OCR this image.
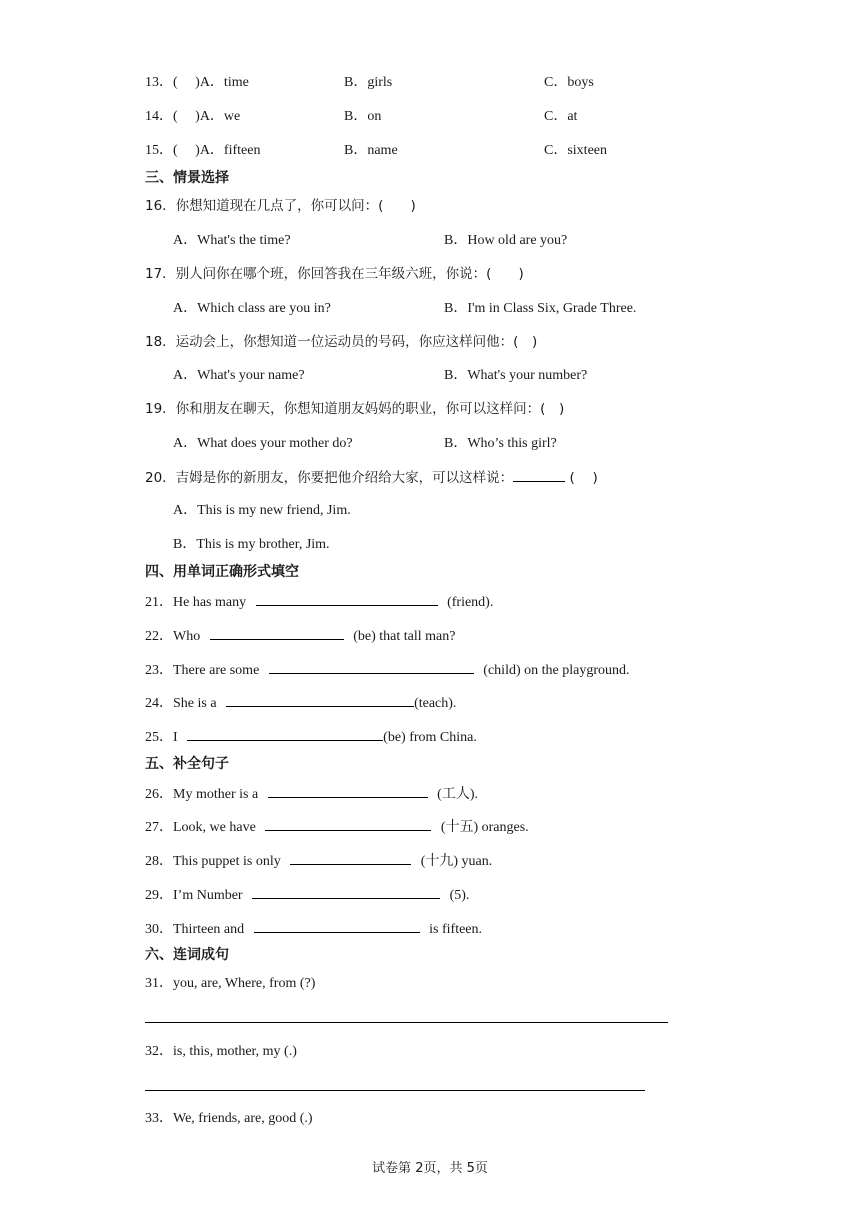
13．(　 )A．time	B．girls	C．boys
14．(　 )A．we	B．on	C．at
15．(　 )A．fifteen	B．name	C．sixteen
三、情景选择
16．你想知道现在几点了，你可以问：(　　)
A．What's the time?	B．How old are you?
17．别人问你在哪个班，你回答我在三年级六班，你说：(　　)
A．Which class are you in?	B．I'm in Class Six, Grade Three.
18．运动会上，你想知道一位运动员的号码，你应这样问他：(　)
A．What's your name?	B．What's your number?
19．你和朋友在聊天，你想知道朋友妈妈的职业，你可以这样问：(　)
A．What does your mother do?	B．Who’s this girl?
20．吉姆是你的新朋友，你要把他介绍给大家，可以这样说：	(　 )
A．This is my new friend, Jim.
B．This is my brother, Jim.
四、用单词正确形式填空
21．He has many	(friend).
22．Who	(be) that tall man?
23．There are some	(child) on the playground.
24．She is a	(teach).
25．I	(be) from China.
五、补全句子
26．My mother is a	(工人).
27．Look, we have	(十五) oranges.
28．This puppet is only	(十九) yuan.
29．I’m Number	(5).
30．Thirteen and	is fifteen.
六、连词成句
31．you, are, Where, from (?)
32．is, this, mother, my (.)
33．We, friends, are, good (.)
试卷第 2页，共 5页
